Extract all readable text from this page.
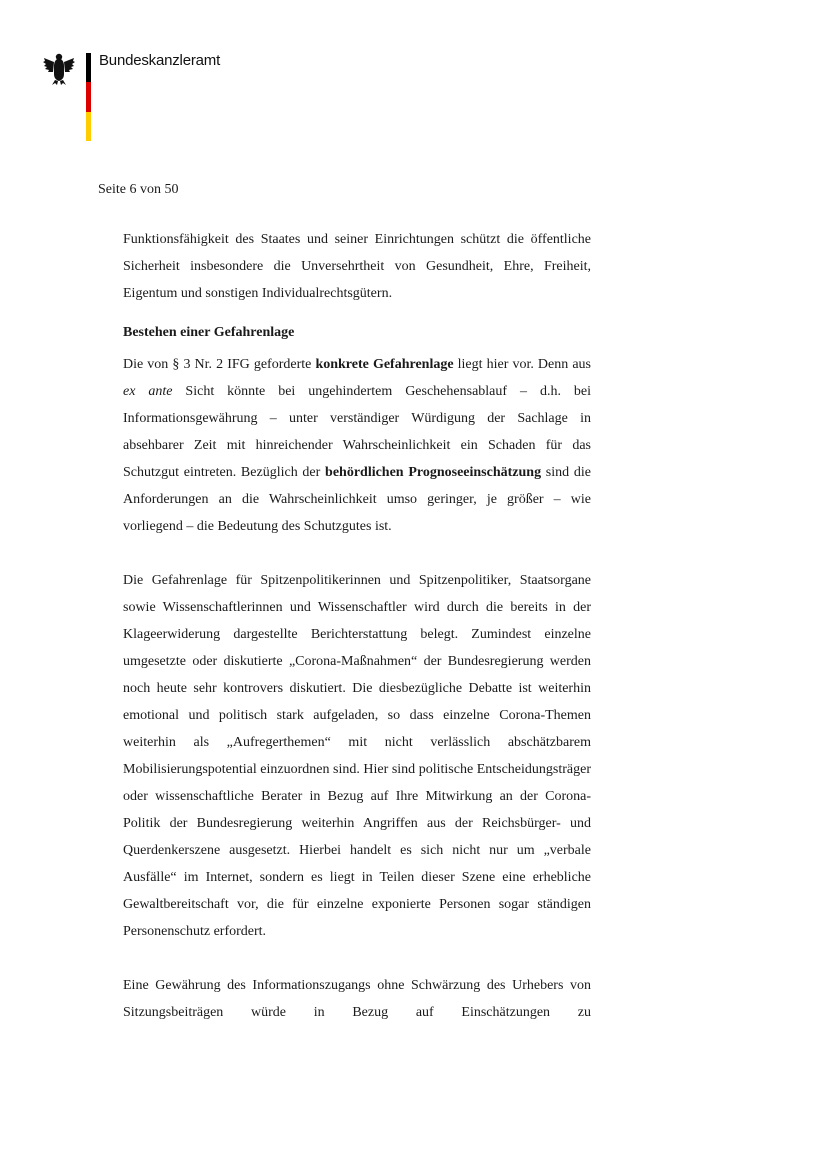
Bundeskanzleramt
Seite 6 von 50

Funktionsfähigkeit des Staates und seiner Einrichtungen schützt die öffentliche Sicherheit insbesondere die Unversehrtheit von Gesundheit, Ehre, Freiheit, Eigentum und sonstigen Individualrechtsgütern.

Bestehen einer Gefahrenlage

Die von § 3 Nr. 2 IFG geforderte konkrete Gefahrenlage liegt hier vor. Denn aus ex ante Sicht könnte bei ungehindertem Geschehensablauf – d.h. bei Informationsgewährung – unter verständiger Würdigung der Sachlage in absehbarer Zeit mit hinreichender Wahrscheinlichkeit ein Schaden für das Schutzgut eintreten. Bezüglich der behördlichen Prognoseeinschätzung sind die Anforderungen an die Wahrscheinlichkeit umso geringer, je größer – wie vorliegend – die Bedeutung des Schutzgutes ist.

Die Gefahrenlage für Spitzenpolitikerinnen und Spitzenpolitiker, Staatsorgane sowie Wissenschaftlerinnen und Wissenschaftler wird durch die bereits in der Klageerwiderung dargestellte Berichterstattung belegt. Zumindest einzelne umgesetzte oder diskutierte „Corona-Maßnahmen“ der Bundesregierung werden noch heute sehr kontrovers diskutiert. Die diesbezügliche Debatte ist weiterhin emotional und politisch stark aufgeladen, so dass einzelne Corona-Themen weiterhin als „Aufregerthemen“ mit nicht verlässlich abschätzbarem Mobilisierungspotential einzuordnen sind. Hier sind politische Entscheidungsträger oder wissenschaftliche Berater in Bezug auf Ihre Mitwirkung an der Corona-Politik der Bundesregierung weiterhin Angriffen aus der Reichsbürger- und Querdenkerszene ausgesetzt. Hierbei handelt es sich nicht nur um „verbale Ausfälle“ im Internet, sondern es liegt in Teilen dieser Szene eine erhebliche Gewaltbereitschaft vor, die für einzelne exponierte Personen sogar ständigen Personenschutz erfordert.

Eine Gewährung des Informationszugangs ohne Schwärzung des Urhebers von Sitzungsbeiträgen würde in Bezug auf Einschätzungen zu
